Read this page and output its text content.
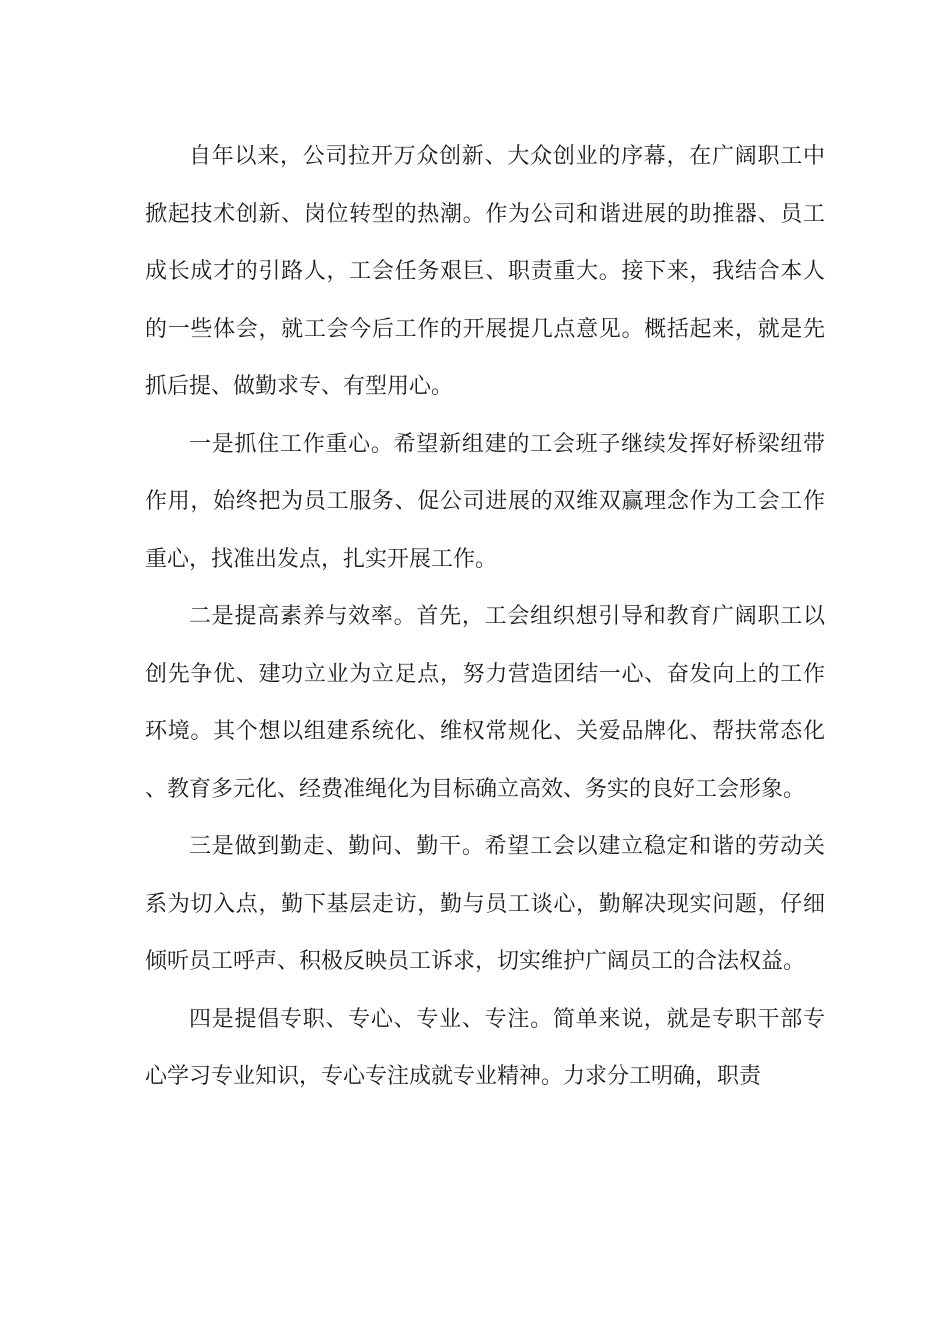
自年以来，公司拉开万众创新、大众创业的序幕，在广阔职工中掀起技术创新、岗位转型的热潮。作为公司和谐进展的助推器、员工成长成才的引路人，工会任务艰巨、职责重大。接下来，我结合本人的一些体会，就工会今后工作的开展提几点意见。概括起来，就是先抓后提、做勤求专、有型用心。

一是抓住工作重心。希望新组建的工会班子继续发挥好桥梁纽带作用，始终把为员工服务、促公司进展的双维双赢理念作为工会工作重心，找准出发点，扎实开展工作。

二是提高素养与效率。首先，工会组织想引导和教育广阔职工以创先争优、建功立业为立足点，努力营造团结一心、奋发向上的工作环境。其个想以组建系统化、维权常规化、关爱品牌化、帮扶常态化、教育多元化、经费准绳化为目标确立高效、务实的良好工会形象。

三是做到勤走、勤问、勤干。希望工会以建立稳定和谐的劳动关系为切入点，勤下基层走访，勤与员工谈心，勤解决现实问题，仔细倾听员工呼声、积极反映员工诉求，切实维护广阔员工的合法权益。

四是提倡专职、专心、专业、专注。简单来说，就是专职干部专心学习专业知识，专心专注成就专业精神。力求分工明确，职责
